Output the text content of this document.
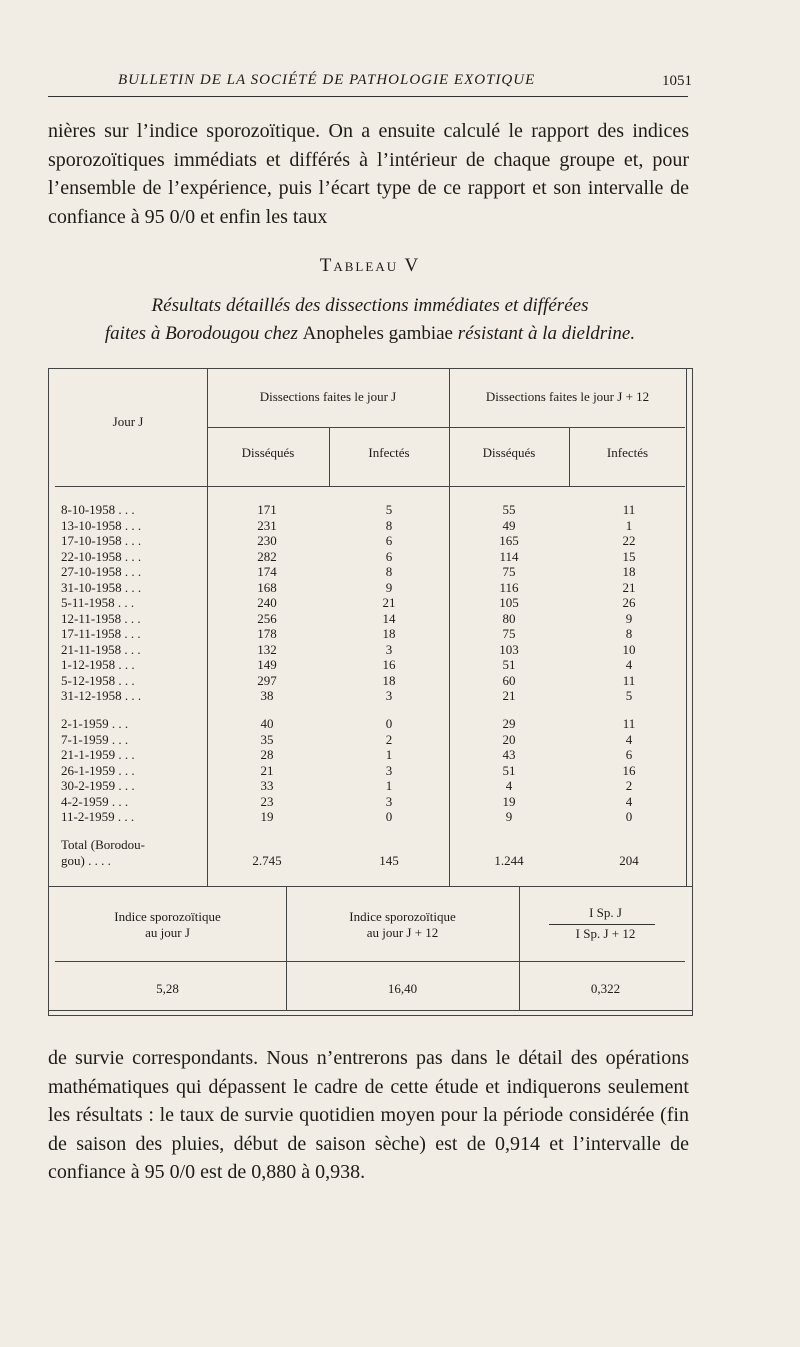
BULLETIN DE LA SOCIÉTÉ DE PATHOLOGIE EXOTIQUE	1051

nières sur l’indice sporozoïtique. On a ensuite calculé le rapport des indices sporozoïtiques immédiats et différés à l’intérieur de chaque groupe et, pour l’ensemble de l’expérience, puis l’écart type de ce rapport et son intervalle de confiance à 95 0/0 et enfin les taux

Tableau V
Résultats détaillés des dissections immédiates et différées
faites à Borodougou chez Anopheles gambiae résistant à la dieldrine.
Jour J
Dissections faites le jour J	Dissections faites le jour J + 12
Disséqués	Infectés	Disséqués	Infectés
8-10-1958 . . .	171	5	55	11
13-10-1958 . . .	231	8	49	1
17-10-1958 . . .	230	6	165	22
22-10-1958 . . .	282	6	114	15
27-10-1958 . . .	174	8	75	18
31-10-1958 . . .	168	9	116	21
5-11-1958 . . .	240	21	105	26
12-11-1958 . . .	256	14	80	9
17-11-1958 . . .	178	18	75	8
21-11-1958 . . .	132	3	103	10
1-12-1958 . . .	149	16	51	4
5-12-1958 . . .	297	18	60	11
31-12-1958 . . .	38	3	21	5
2-1-1959 . . .	40	0	29	11
7-1-1959 . . .	35	2	20	4
21-1-1959 . . .	28	1	43	6
26-1-1959 . . .	21	3	51	16
30-2-1959 . . .	33	1	4	2
4-2-1959 . . .	23	3	19	4
11-2-1959 . . .	19	0	9	0
Total (Borodou-
gou) . . . .	2.745	145	1.244	204
Indice sporozoïtique
au jour J
Indice sporozoïtique
au jour J + 12
I Sp. J
I Sp. J + 12
5,28	16,40	0,322

de survie correspondants. Nous n’entrerons pas dans le détail des opérations mathématiques qui dépassent le cadre de cette étude et indiquerons seulement les résultats : le taux de survie quotidien moyen pour la période considérée (fin de saison des pluies, début de saison sèche) est de 0,914 et l’intervalle de confiance à 95 0/0 est de 0,880 à 0,938.
